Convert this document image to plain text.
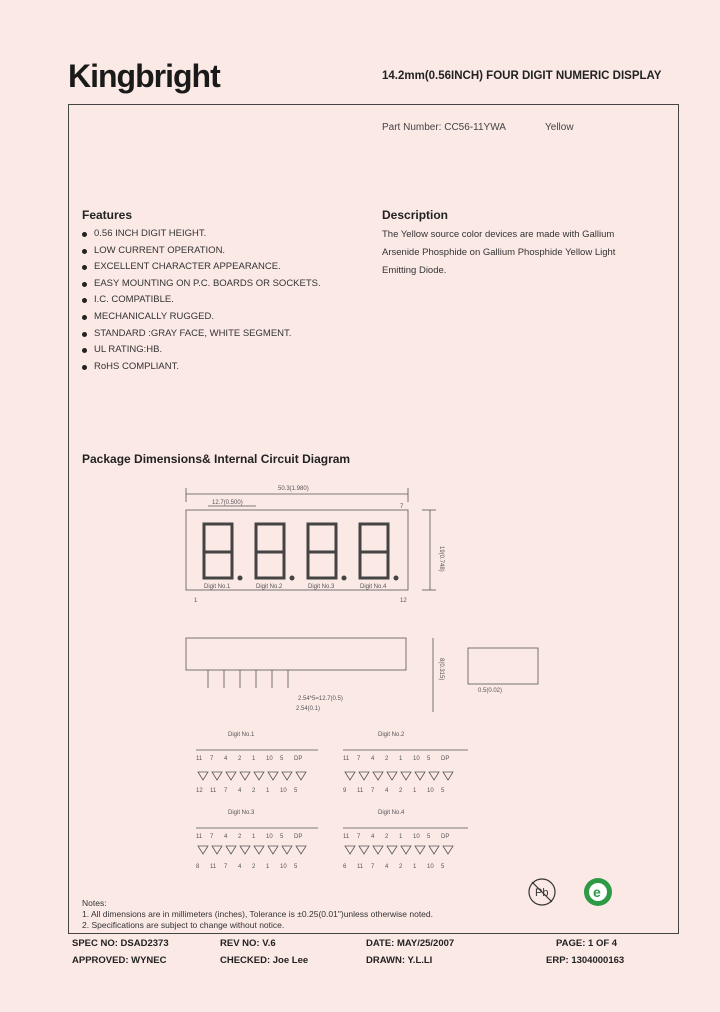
Kingbright	14.2mm(0.56INCH) FOUR DIGIT NUMERIC DISPLAY
Part Number: CC56-11YWA	Yellow
Features
0.56 INCH DIGIT HEIGHT.
LOW CURRENT OPERATION.
EXCELLENT CHARACTER APPEARANCE.
EASY MOUNTING ON P.C. BOARDS OR SOCKETS.
I.C. COMPATIBLE.
MECHANICALLY RUGGED.
STANDARD :GRAY FACE, WHITE SEGMENT.
UL RATING:HB.
RoHS COMPLIANT.
Description
The Yellow source color devices are made with Gallium Arsenide Phosphide on Gallium Phosphide Yellow Light Emitting Diode.
Package Dimensions& Internal Circuit Diagram
50.3(1.980)
12.7(0.500)
1	12
7
Digit No.1	Digit No.2	Digit No.3	Digit No.4
19(0.748)
2.54*5=12.7(0.5)
2.54(0.1)
8(0.315)
0.5(0.02)
Digit No.1	Digit No.2
Digit No.3	Digit No.4
11 7 4 2 1 10 5 DP
12 11 7 4 2 1 10 5
11 7 4 2 1 10 5 DP
9 11 7 4 2 1 10 5
11 7 4 2 1 10 5 DP
8 11 7 4 2 1 10 5
11 7 4 2 1 10 5 DP
6 11 7 4 2 1 10 5
Pb	e
Notes:
1. All dimensions are in millimeters (inches), Tolerance is ±0.25(0.01")unless otherwise noted.
2. Specifications are subject to change without notice.
SPEC NO: DSAD2373	REV NO: V.6	DATE: MAY/25/2007	PAGE: 1 OF 4
APPROVED: WYNEC	CHECKED: Joe Lee	DRAWN: Y.L.LI	ERP: 1304000163
